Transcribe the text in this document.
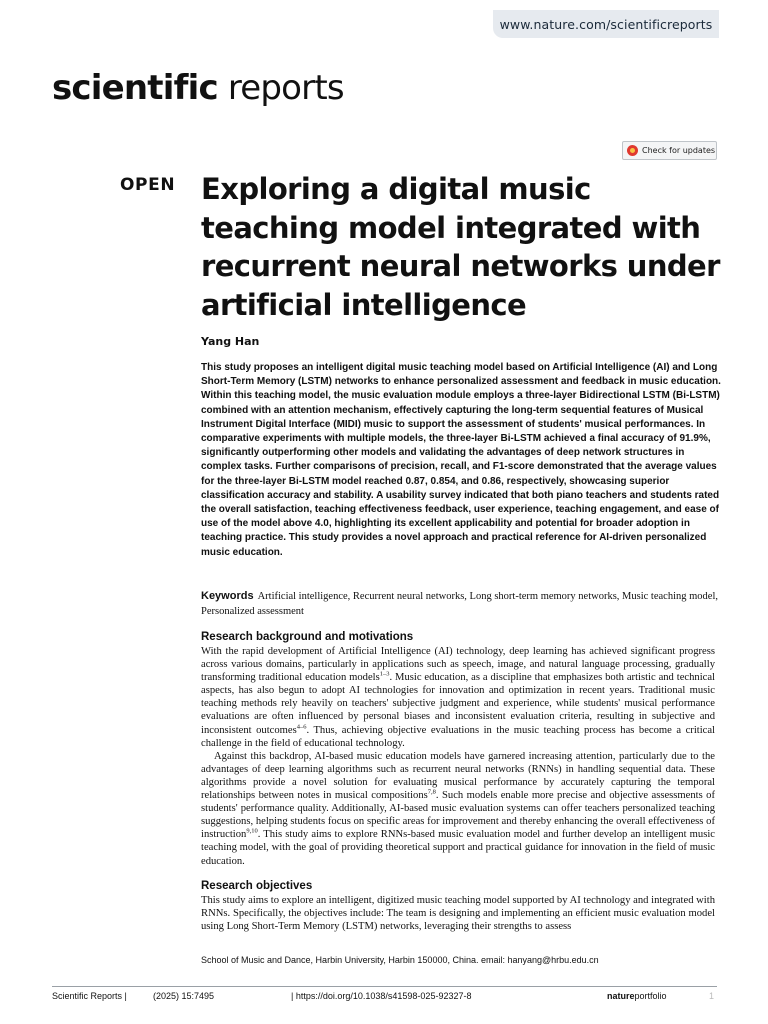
www.nature.com/scientificreports
scientific reports
Check for updates
OPEN Exploring a digital music teaching model integrated with recurrent neural networks under artificial intelligence
Yang Han

This study proposes an intelligent digital music teaching model based on Artificial Intelligence (AI) and Long Short-Term Memory (LSTM) networks to enhance personalized assessment and feedback in music education. Within this teaching model, the music evaluation module employs a three-layer Bidirectional LSTM (Bi-LSTM) combined with an attention mechanism, effectively capturing the long-term sequential features of Musical Instrument Digital Interface (MIDI) music to support the assessment of students' musical performances. In comparative experiments with multiple models, the three-layer Bi-LSTM achieved a final accuracy of 91.9%, significantly outperforming other models and validating the advantages of deep network structures in complex tasks. Further comparisons of precision, recall, and F1-score demonstrated that the average values for the three-layer Bi-LSTM model reached 0.87, 0.854, and 0.86, respectively, showcasing superior classification accuracy and stability. A usability survey indicated that both piano teachers and students rated the overall satisfaction, teaching effectiveness feedback, user experience, teaching engagement, and ease of use of the model above 4.0, highlighting its excellent applicability and potential for broader adoption in teaching practice. This study provides a novel approach and practical reference for AI-driven personalized music education.

Keywords Artificial intelligence, Recurrent neural networks, Long short-term memory networks, Music teaching model, Personalized assessment
Research background and motivations

With the rapid development of Artificial Intelligence (AI) technology, deep learning has achieved significant progress across various domains, particularly in applications such as speech, image, and natural language processing, gradually transforming traditional education models$^{1-3}$. Music education, as a discipline that emphasizes both artistic and technical aspects, has also begun to adopt AI technologies for innovation and optimization in recent years. Traditional music teaching methods rely heavily on teachers' subjective judgment and experience, while students' musical performance evaluations are often influenced by personal biases and inconsistent evaluation criteria, resulting in subjective and inconsistent outcomes$^{4-6}$. Thus, achieving objective evaluations in the music teaching process has become a critical challenge in the field of educational technology.

Against this backdrop, AI-based music education models have garnered increasing attention, particularly due to the advantages of deep learning algorithms such as recurrent neural networks (RNNs) in handling sequential data. These algorithms provide a novel solution for evaluating musical performance by accurately capturing the temporal relationships between notes in musical compositions$^{7,8}$. Such models enable more precise and objective assessments of students' performance quality. Additionally, AI-based music evaluation systems can offer teachers personalized teaching suggestions, helping students focus on specific areas for improvement and thereby enhancing the overall effectiveness of instruction$^{9,10}$. This study aims to explore RNNs-based music evaluation model and further develop an intelligent music teaching model, with the goal of providing theoretical support and practical guidance for innovation in the field of music education.

Research objectives

This study aims to explore an intelligent, digitized music teaching model supported by AI technology and integrated with RNNs. Specifically, the objectives include: The team is designing and implementing an efficient music evaluation model using Long Short-Term Memory (LSTM) networks, leveraging their strengths to assess

School of Music and Dance, Harbin University, Harbin 150000, China. email: hanyang@hrbu.edu.cn
Scientific Reports |	(2025) 15:7495	| https://doi.org/10.1038/s41598-025-92327-8	natureportfolio	1
